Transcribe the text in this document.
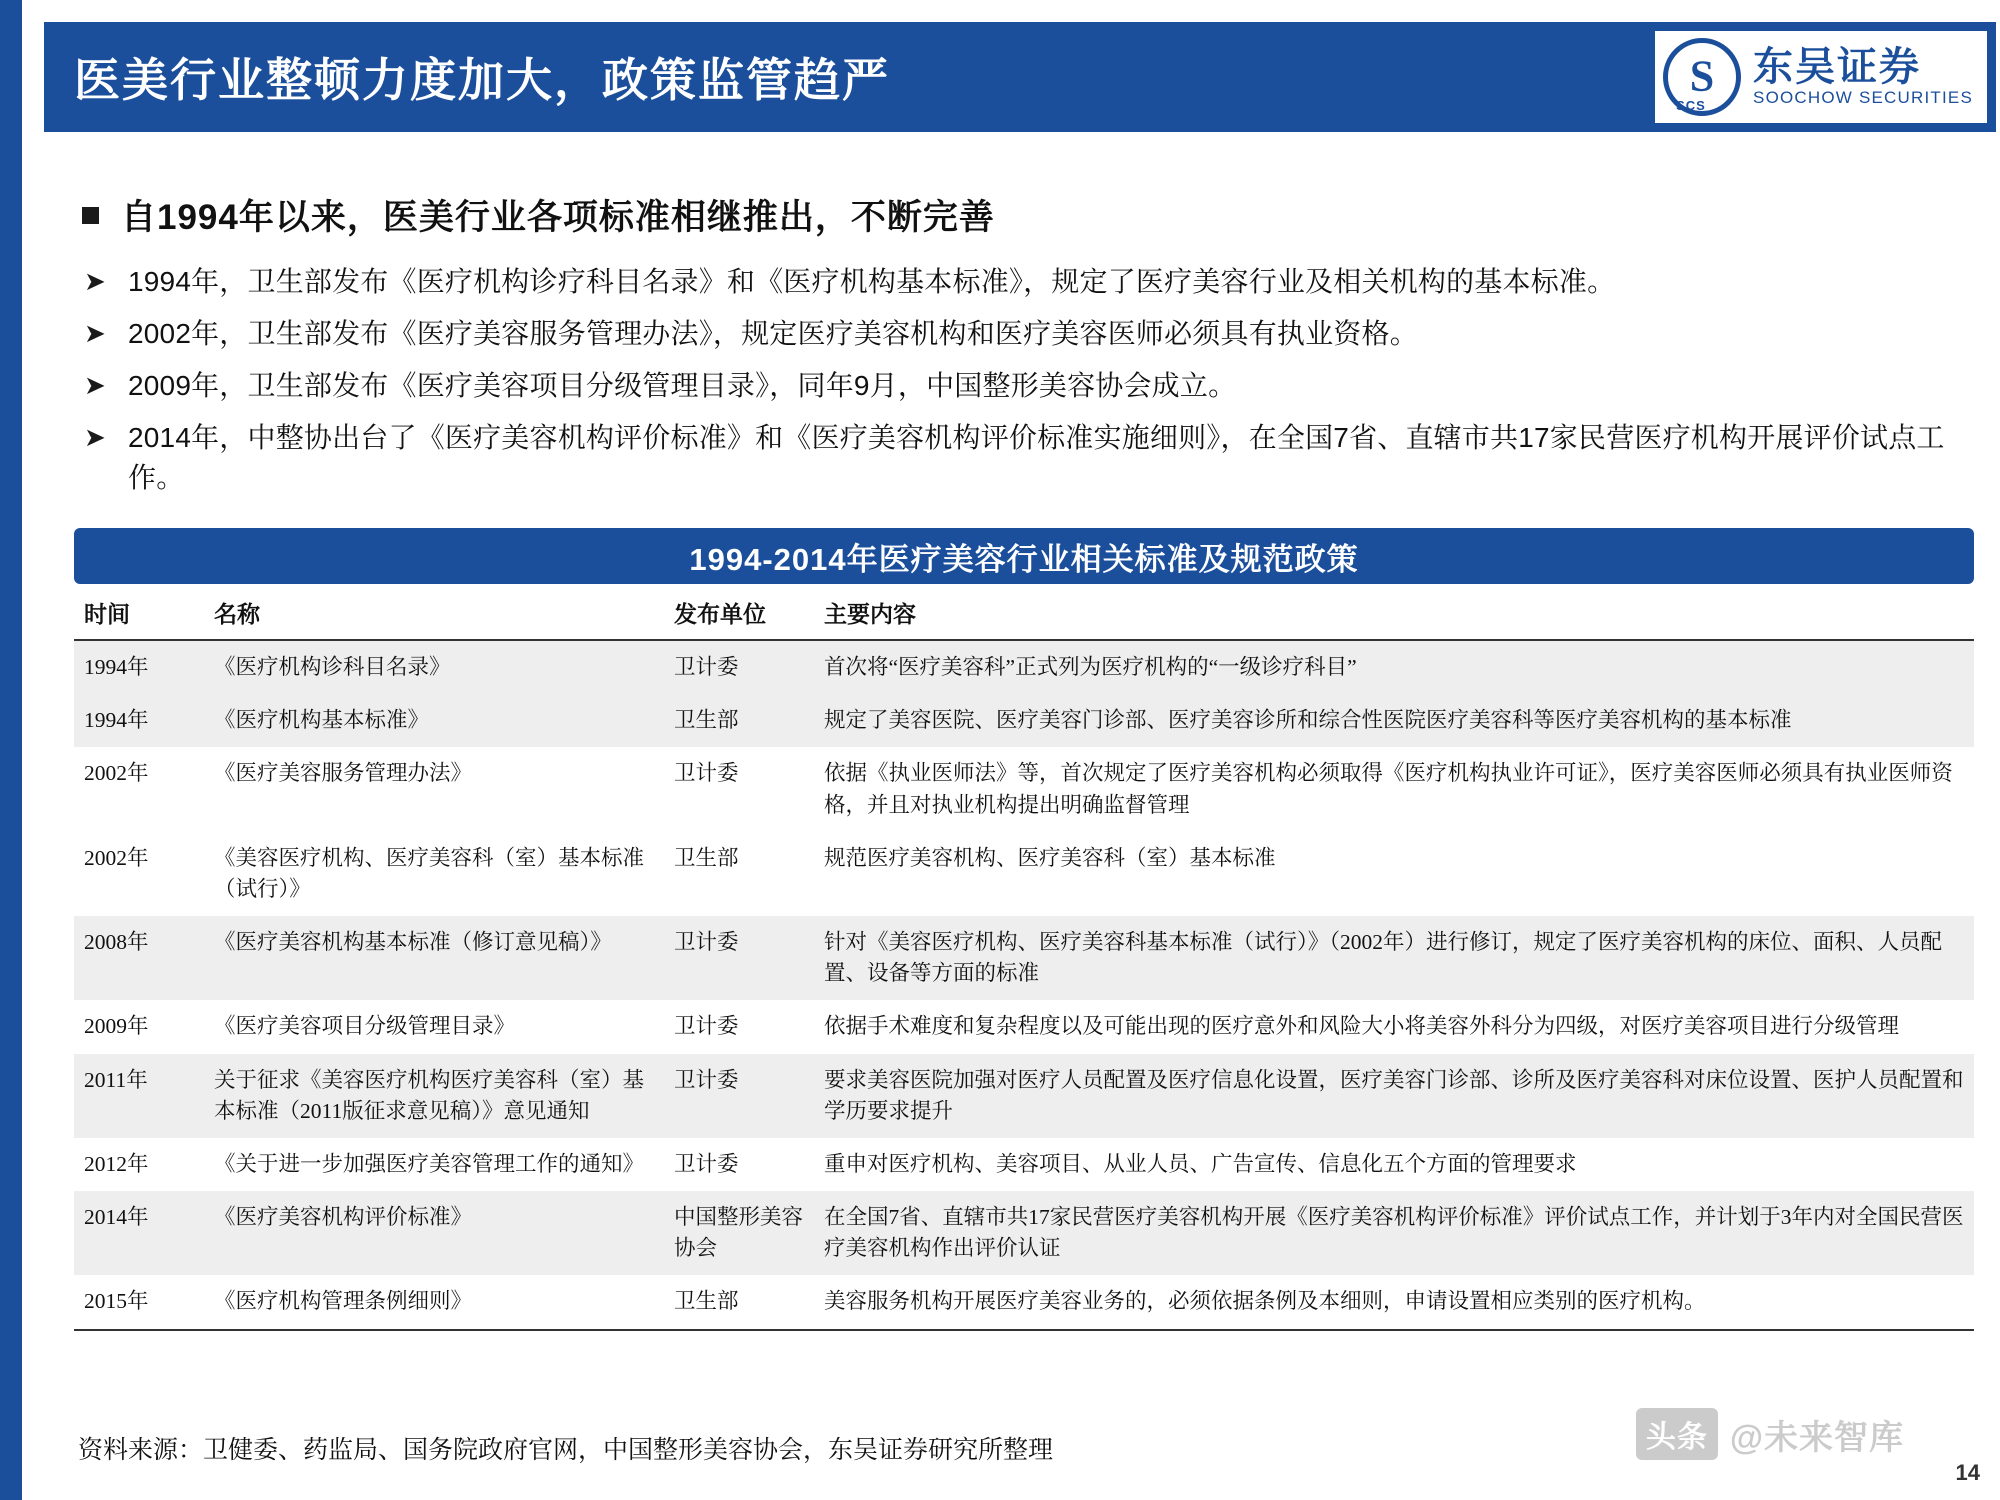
医美行业整顿力度加大，政策监管趋严	SCS
S
东吴证券
SOOCHOW SECURITIES
自1994年以来，医美行业各项标准相继推出，不断完善
➤ 1994年，卫生部发布《医疗机构诊疗科目名录》和《医疗机构基本标准》，规定了医疗美容行业及相关机构的基本标准。
➤ 2002年，卫生部发布《医疗美容服务管理办法》，规定医疗美容机构和医疗美容医师必须具有执业资格。
➤ 2009年，卫生部发布《医疗美容项目分级管理目录》，同年9月，中国整形美容协会成立。
➤ 2014年，中整协出台了《医疗美容机构评价标准》和《医疗美容机构评价标准实施细则》，在全国7省、直辖市共17家民营医疗机构开展评价试点工作。
1994-2014年医疗美容行业相关标准及规范政策
时间	名称	发布单位	主要内容
1994年	《医疗机构诊科目名录》	卫计委	首次将“医疗美容科”正式列为医疗机构的“一级诊疗科目”
1994年	《医疗机构基本标准》	卫生部	规定了美容医院、医疗美容门诊部、医疗美容诊所和综合性医院医疗美容科等医疗美容机构的基本标准
2002年	《医疗美容服务管理办法》	卫计委	依据《执业医师法》等，首次规定了医疗美容机构必须取得《医疗机构执业许可证》，医疗美容医师必须具有执业医师资格，并且对执业机构提出明确监督管理
2002年	《美容医疗机构、医疗美容科（室）基本标准（试行）》	卫生部	规范医疗美容机构、医疗美容科（室）基本标准
2008年	《医疗美容机构基本标准（修订意见稿）》	卫计委	针对《美容医疗机构、医疗美容科基本标准（试行）》（2002年）进行修订，规定了医疗美容机构的床位、面积、人员配置、设备等方面的标准
2009年	《医疗美容项目分级管理目录》	卫计委	依据手术难度和复杂程度以及可能出现的医疗意外和风险大小将美容外科分为四级，对医疗美容项目进行分级管理
2011年	关于征求《美容医疗机构医疗美容科（室）基本标准（2011版征求意见稿）》意见通知	卫计委	要求美容医院加强对医疗人员配置及医疗信息化设置，医疗美容门诊部、诊所及医疗美容科对床位设置、医护人员配置和学历要求提升
2012年	《关于进一步加强医疗美容管理工作的通知》	卫计委	重申对医疗机构、美容项目、从业人员、广告宣传、信息化五个方面的管理要求
2014年	《医疗美容机构评价标准》	中国整形美容协会	在全国7省、直辖市共17家民营医疗美容机构开展《医疗美容机构评价标准》评价试点工作，并计划于3年内对全国民营医疗美容机构作出评价认证
2015年	《医疗机构管理条例细则》	卫生部	美容服务机构开展医疗美容业务的，必须依据条例及本细则，申请设置相应类别的医疗机构。
资料来源：卫健委、药监局、国务院政府官网，中国整形美容协会，东吴证券研究所整理	头条 @未来智库
14
